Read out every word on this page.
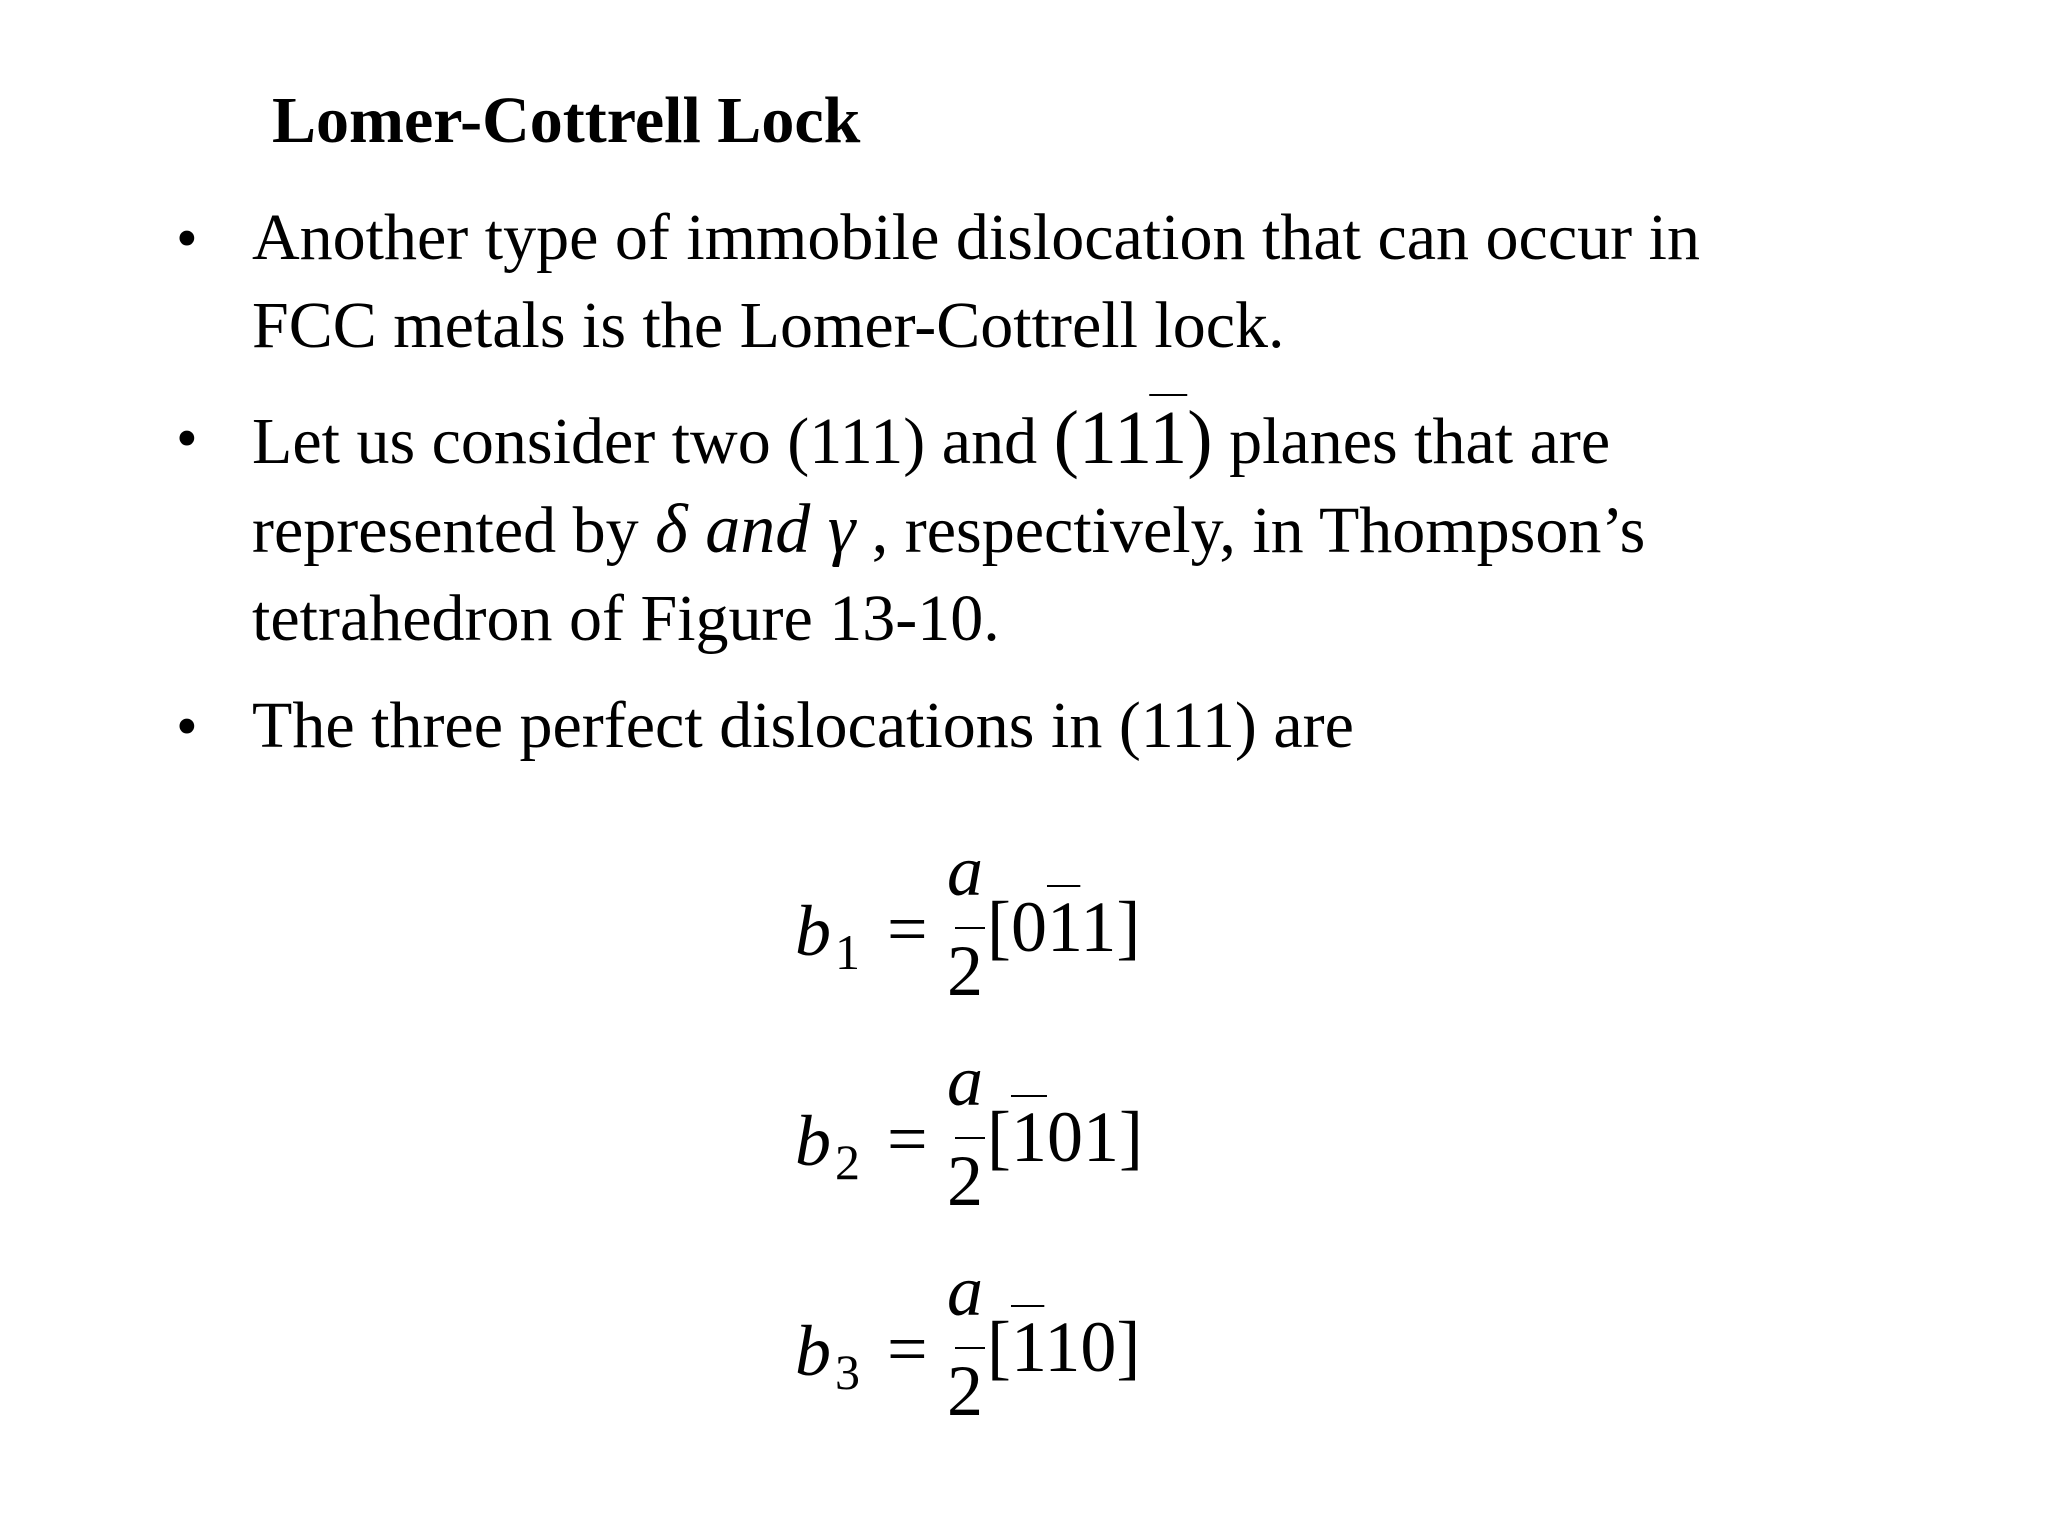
Lomer-Cottrell Lock
• Another type of immobile dislocation that can occur in
FCC metals is the Lomer-Cottrell lock.
• Let us consider two (111) and (111) planes that are
represented by δ and γ , respectively, in Thompson’s
tetrahedron of Figure 13-10.
• The three perfect dislocations in (111) are
b 1 =
a
2
[011]
b 2 =
a
2
[101]
b 3 =
a
2
[110]
